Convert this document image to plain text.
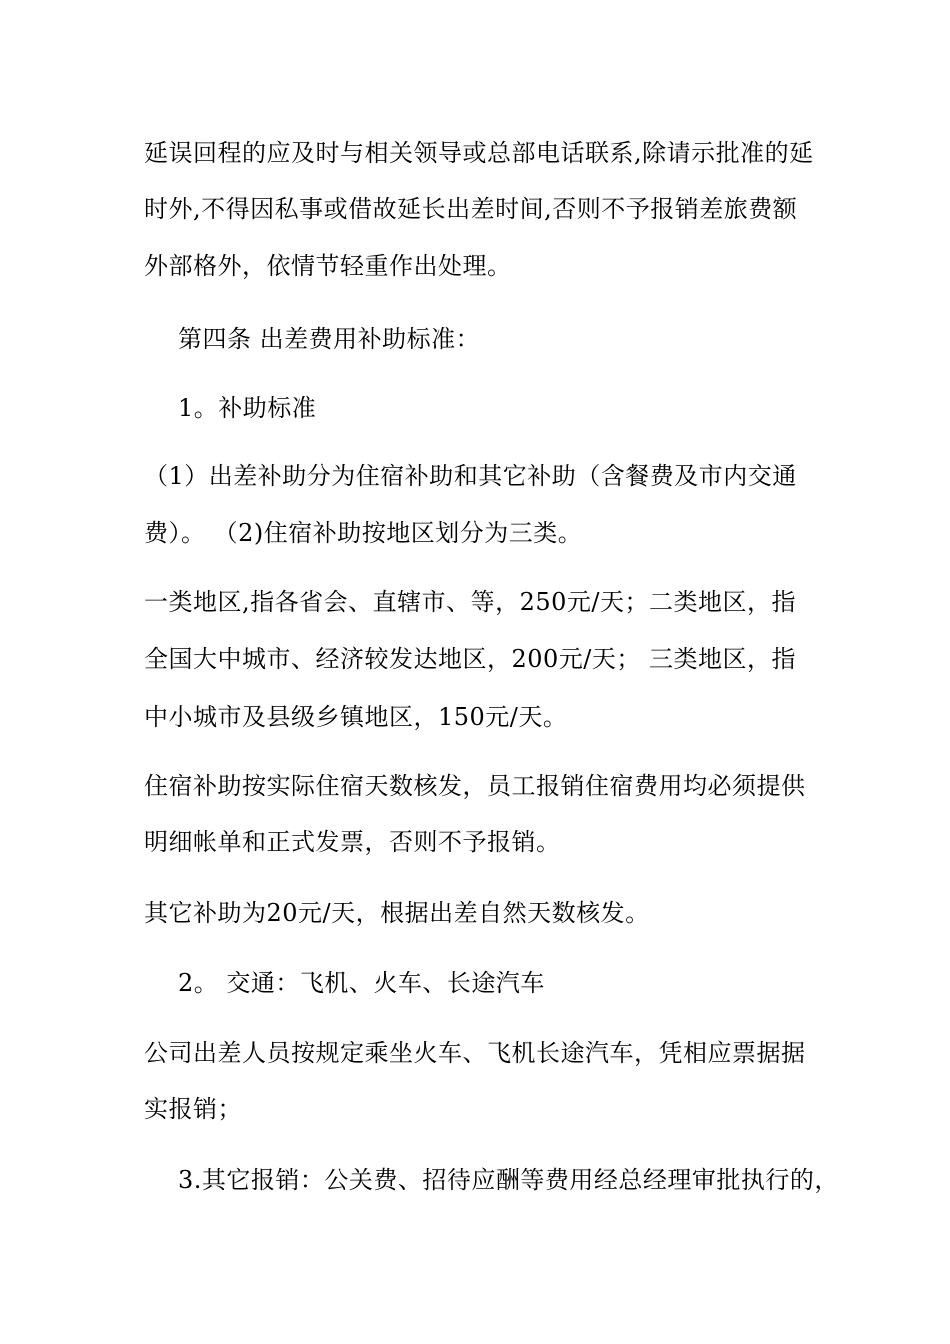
延误回程的应及时与相关领导或总部电话联系,除请示批准的延
时外,不得因私事或借故延长出差时间,否则不予报销差旅费额
外部格外，依情节轻重作出处理。
第四条 出差费用补助标准：
1。补助标准
（1）出差补助分为住宿补助和其它补助（含餐费及市内交通
费）。 （2)住宿补助按地区划分为三类。
一类地区,指各省会、直辖市、等，250元/天；二类地区，指
全国大中城市、经济较发达地区，200元/天； 三类地区，指
中小城市及县级乡镇地区，150元/天。
住宿补助按实际住宿天数核发，员工报销住宿费用均必须提供
明细帐单和正式发票，否则不予报销。
其它补助为20元/天，根据出差自然天数核发。
2。 交通：飞机、火车、长途汽车
公司出差人员按规定乘坐火车、飞机长途汽车，凭相应票据据
实报销；
3.其它报销：公关费、招待应酬等费用经总经理审批执行的，
